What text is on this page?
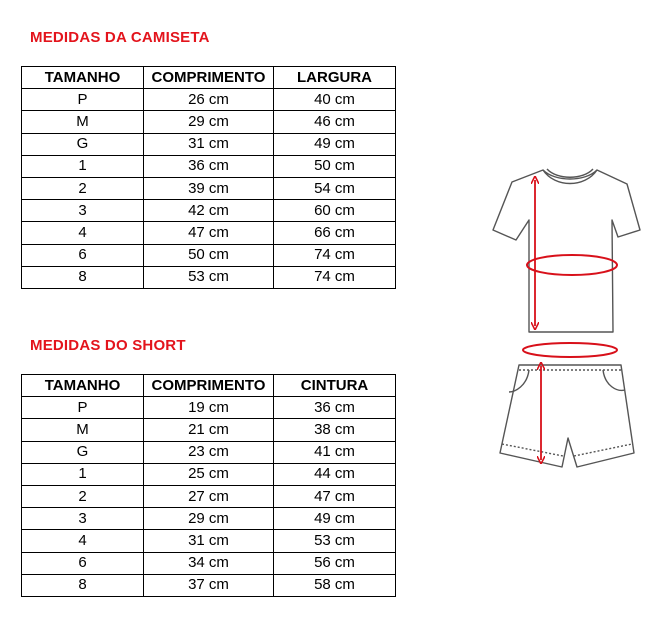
MEDIDAS DA CAMISETA
TAMANHO	COMPRIMENTO	LARGURA
P	26 cm	40 cm
M	29 cm	46 cm
G	31 cm	49 cm
1	36 cm	50 cm
2	39 cm	54 cm
3	42 cm	60 cm
4	47 cm	66 cm
6	50 cm	74 cm
8	53 cm	74 cm
MEDIDAS DO SHORT
TAMANHO	COMPRIMENTO	CINTURA
P	19 cm	36 cm
M	21 cm	38 cm
G	23 cm	41 cm
1	25 cm	44 cm
2	27 cm	47 cm
3	29 cm	49 cm
4	31 cm	53 cm
6	34 cm	56 cm
8	37 cm	58 cm
